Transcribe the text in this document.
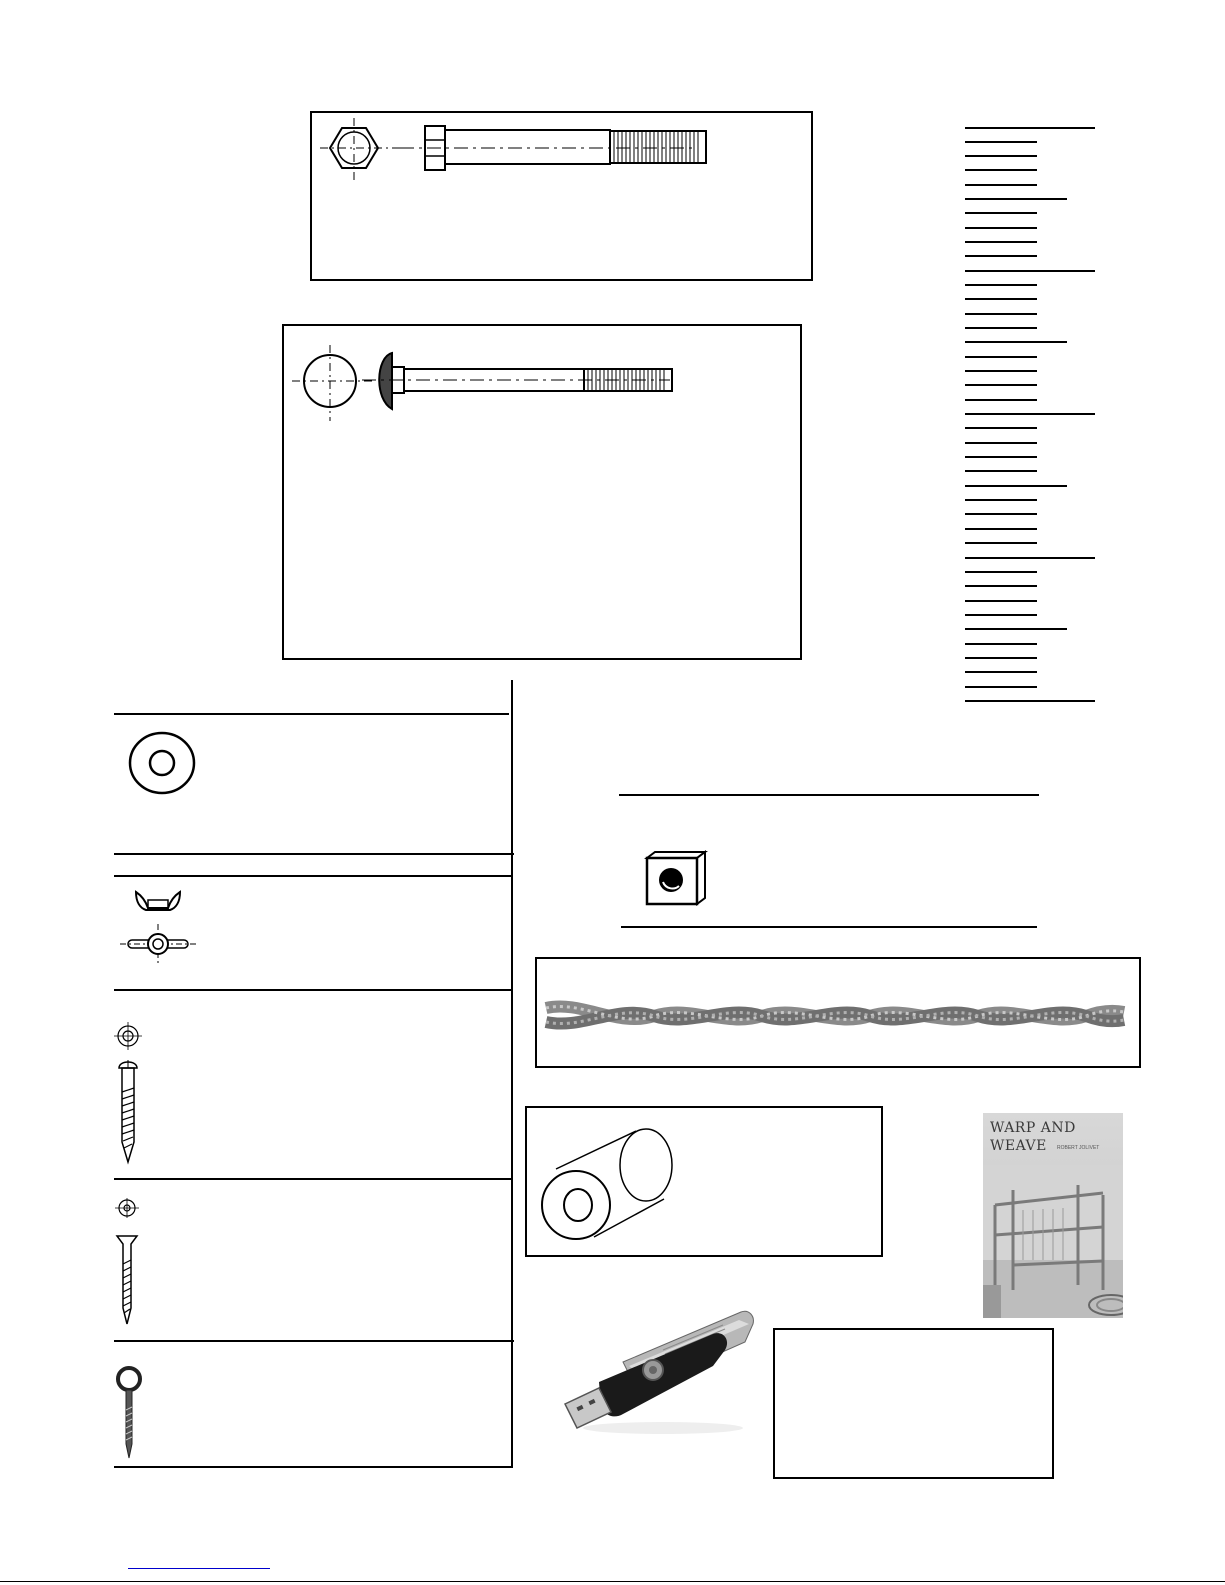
WARP AND WEAVE	ROBERT JOLIVET
